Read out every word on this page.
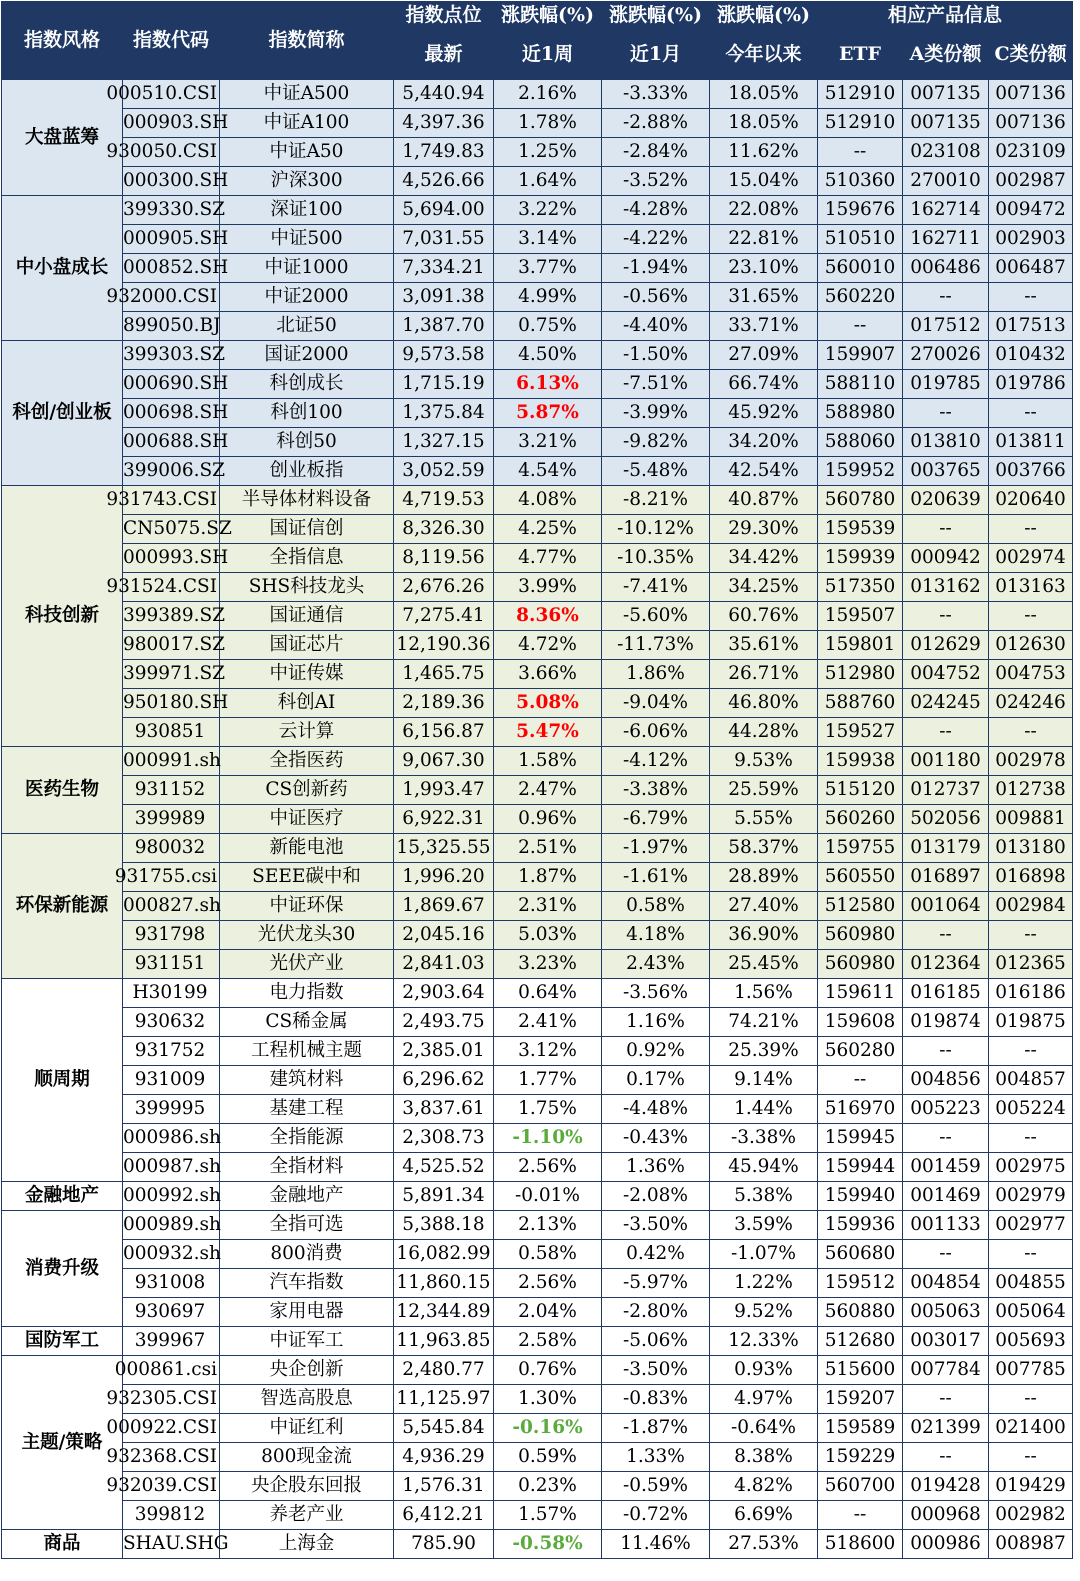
指数风格	指数代码	指数简称	指数点位	涨跌幅(%)	涨跌幅(%)	涨跌幅(%)	相应产品信息		
			最新	近1周	近1月	今年以来	ETF	A类份额	C类份额
大盘蓝筹	000510.CSI	中证A500	5,440.94	2.16%	-3.33%	18.05%	512910	007135	007136
	000903.SH	中证A100	4,397.36	1.78%	-2.88%	18.05%	512910	007135	007136
	930050.CSI	中证A50	1,749.83	1.25%	-2.84%	11.62%	--	023108	023109
	000300.SH	沪深300	4,526.66	1.64%	-3.52%	15.04%	510360	270010	002987
中小盘成长	399330.SZ	深证100	5,694.00	3.22%	-4.28%	22.08%	159676	162714	009472
	000905.SH	中证500	7,031.55	3.14%	-4.22%	22.81%	510510	162711	002903
	000852.SH	中证1000	7,334.21	3.77%	-1.94%	23.10%	560010	006486	006487
	932000.CSI	中证2000	3,091.38	4.99%	-0.56%	31.65%	560220	--	--
	899050.BJ	北证50	1,387.70	0.75%	-4.40%	33.71%	--	017512	017513
科创/创业板	399303.SZ	国证2000	9,573.58	4.50%	-1.50%	27.09%	159907	270026	010432
	000690.SH	科创成长	1,715.19	6.13%	-7.51%	66.74%	588110	019785	019786
	000698.SH	科创100	1,375.84	5.87%	-3.99%	45.92%	588980	--	--
	000688.SH	科创50	1,327.15	3.21%	-9.82%	34.20%	588060	013810	013811
	399006.SZ	创业板指	3,052.59	4.54%	-5.48%	42.54%	159952	003765	003766
科技创新	931743.CSI	半导体材料设备	4,719.53	4.08%	-8.21%	40.87%	560780	020639	020640
	CN5075.SZ	国证信创	8,326.30	4.25%	-10.12%	29.30%	159539	--	--
	000993.SH	全指信息	8,119.56	4.77%	-10.35%	34.42%	159939	000942	002974
	931524.CSI	SHS科技龙头	2,676.26	3.99%	-7.41%	34.25%	517350	013162	013163
	399389.SZ	国证通信	7,275.41	8.36%	-5.60%	60.76%	159507	--	--
	980017.SZ	国证芯片	12,190.36	4.72%	-11.73%	35.61%	159801	012629	012630
	399971.SZ	中证传媒	1,465.75	3.66%	1.86%	26.71%	512980	004752	004753
	950180.SH	科创AI	2,189.36	5.08%	-9.04%	46.80%	588760	024245	024246
	930851	云计算	6,156.87	5.47%	-6.06%	44.28%	159527	--	--
医药生物	000991.sh	全指医药	9,067.30	1.58%	-4.12%	9.53%	159938	001180	002978
	931152	CS创新药	1,993.47	2.47%	-3.38%	25.59%	515120	012737	012738
	399989	中证医疗	6,922.31	0.96%	-6.79%	5.55%	560260	502056	009881
环保新能源	980032	新能电池	15,325.55	2.51%	-1.97%	58.37%	159755	013179	013180
	931755.csi	SEEE碳中和	1,996.20	1.87%	-1.61%	28.89%	560550	016897	016898
	000827.sh	中证环保	1,869.67	2.31%	0.58%	27.40%	512580	001064	002984
	931798	光伏龙头30	2,045.16	5.03%	4.18%	36.90%	560980	--	--
	931151	光伏产业	2,841.03	3.23%	2.43%	25.45%	560980	012364	012365
顺周期	H30199	电力指数	2,903.64	0.64%	-3.56%	1.56%	159611	016185	016186
	930632	CS稀金属	2,493.75	2.41%	1.16%	74.21%	159608	019874	019875
	931752	工程机械主题	2,385.01	3.12%	0.92%	25.39%	560280	--	--
	931009	建筑材料	6,296.62	1.77%	0.17%	9.14%	--	004856	004857
	399995	基建工程	3,837.61	1.75%	-4.48%	1.44%	516970	005223	005224
	000986.sh	全指能源	2,308.73	-1.10%	-0.43%	-3.38%	159945	--	--
	000987.sh	全指材料	4,525.52	2.56%	1.36%	45.94%	159944	001459	002975
金融地产	000992.sh	金融地产	5,891.34	-0.01%	-2.08%	5.38%	159940	001469	002979
消费升级	000989.sh	全指可选	5,388.18	2.13%	-3.50%	3.59%	159936	001133	002977
	000932.sh	800消费	16,082.99	0.58%	0.42%	-1.07%	560680	--	--
	931008	汽车指数	11,860.15	2.56%	-5.97%	1.22%	159512	004854	004855
	930697	家用电器	12,344.89	2.04%	-2.80%	9.52%	560880	005063	005064
国防军工	399967	中证军工	11,963.85	2.58%	-5.06%	12.33%	512680	003017	005693
主题/策略	000861.csi	央企创新	2,480.77	0.76%	-3.50%	0.93%	515600	007784	007785
	932305.CSI	智选高股息	11,125.97	1.30%	-0.83%	4.97%	159207	--	--
	000922.CSI	中证红利	5,545.84	-0.16%	-1.87%	-0.64%	159589	021399	021400
	932368.CSI	800现金流	4,936.29	0.59%	1.33%	8.38%	159229	--	--
	932039.CSI	央企股东回报	1,576.31	0.23%	-0.59%	4.82%	560700	019428	019429
	399812	养老产业	6,412.21	1.57%	-0.72%	6.69%	--	000968	002982
商品	SHAU.SHG	上海金	785.90	-0.58%	11.46%	27.53%	518600	000986	008987
